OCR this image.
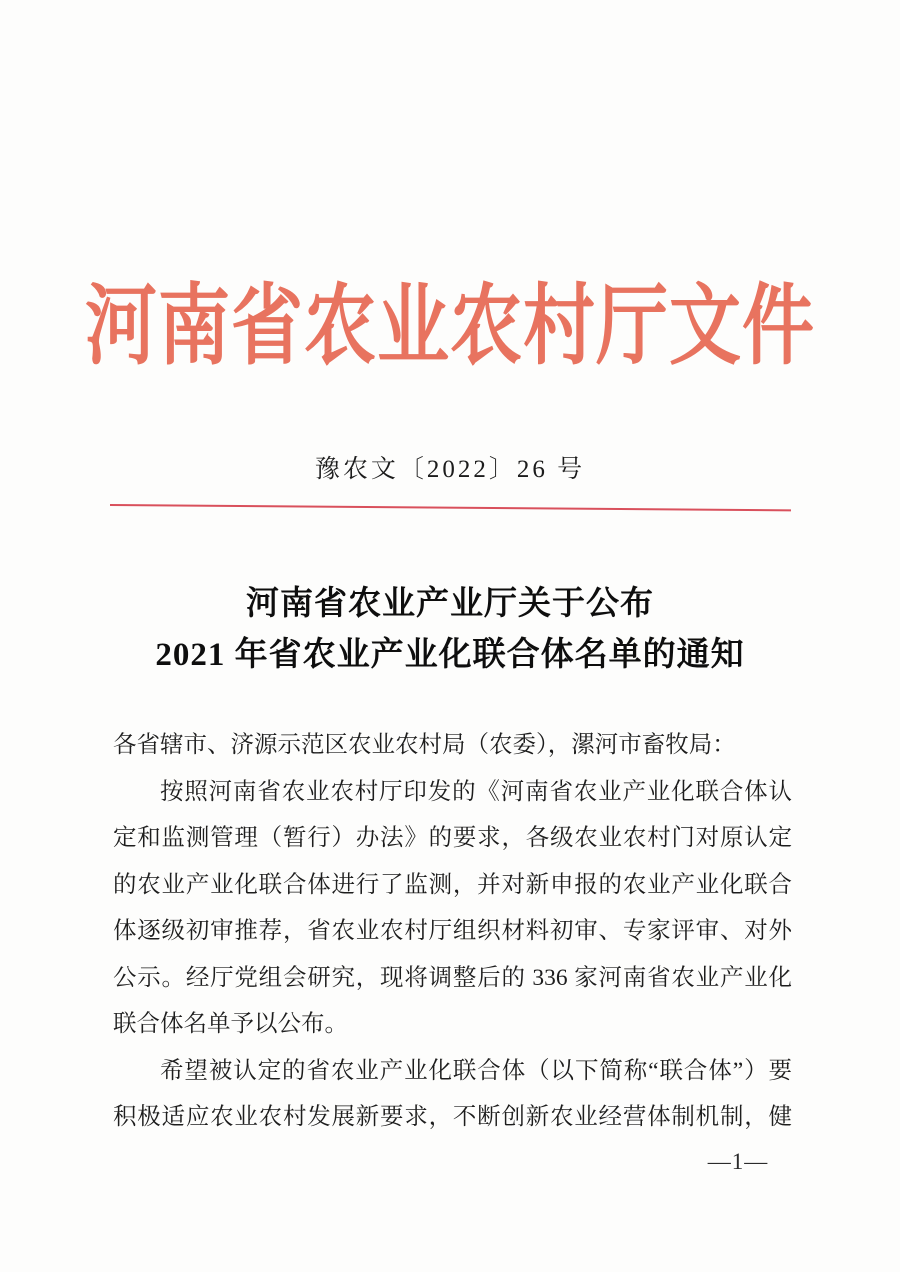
河南省农业农村厅文件
豫农文〔2022〕26 号
河南省农业产业厅关于公布
2021 年省农业产业化联合体名单的通知
各省辖市、济源示范区农业农村局（农委），漯河市畜牧局：
按照河南省农业农村厅印发的《河南省农业产业化联合体认
定和监测管理（暂行）办法》的要求，各级农业农村门对原认定
的农业产业化联合体进行了监测，并对新申报的农业产业化联合
体逐级初审推荐，省农业农村厅组织材料初审、专家评审、对外
公示。经厅党组会研究，现将调整后的 336 家河南省农业产业化
联合体名单予以公布。
希望被认定的省农业产业化联合体（以下简称“联合体”）要
积极适应农业农村发展新要求，不断创新农业经营体制机制，健
—1—
